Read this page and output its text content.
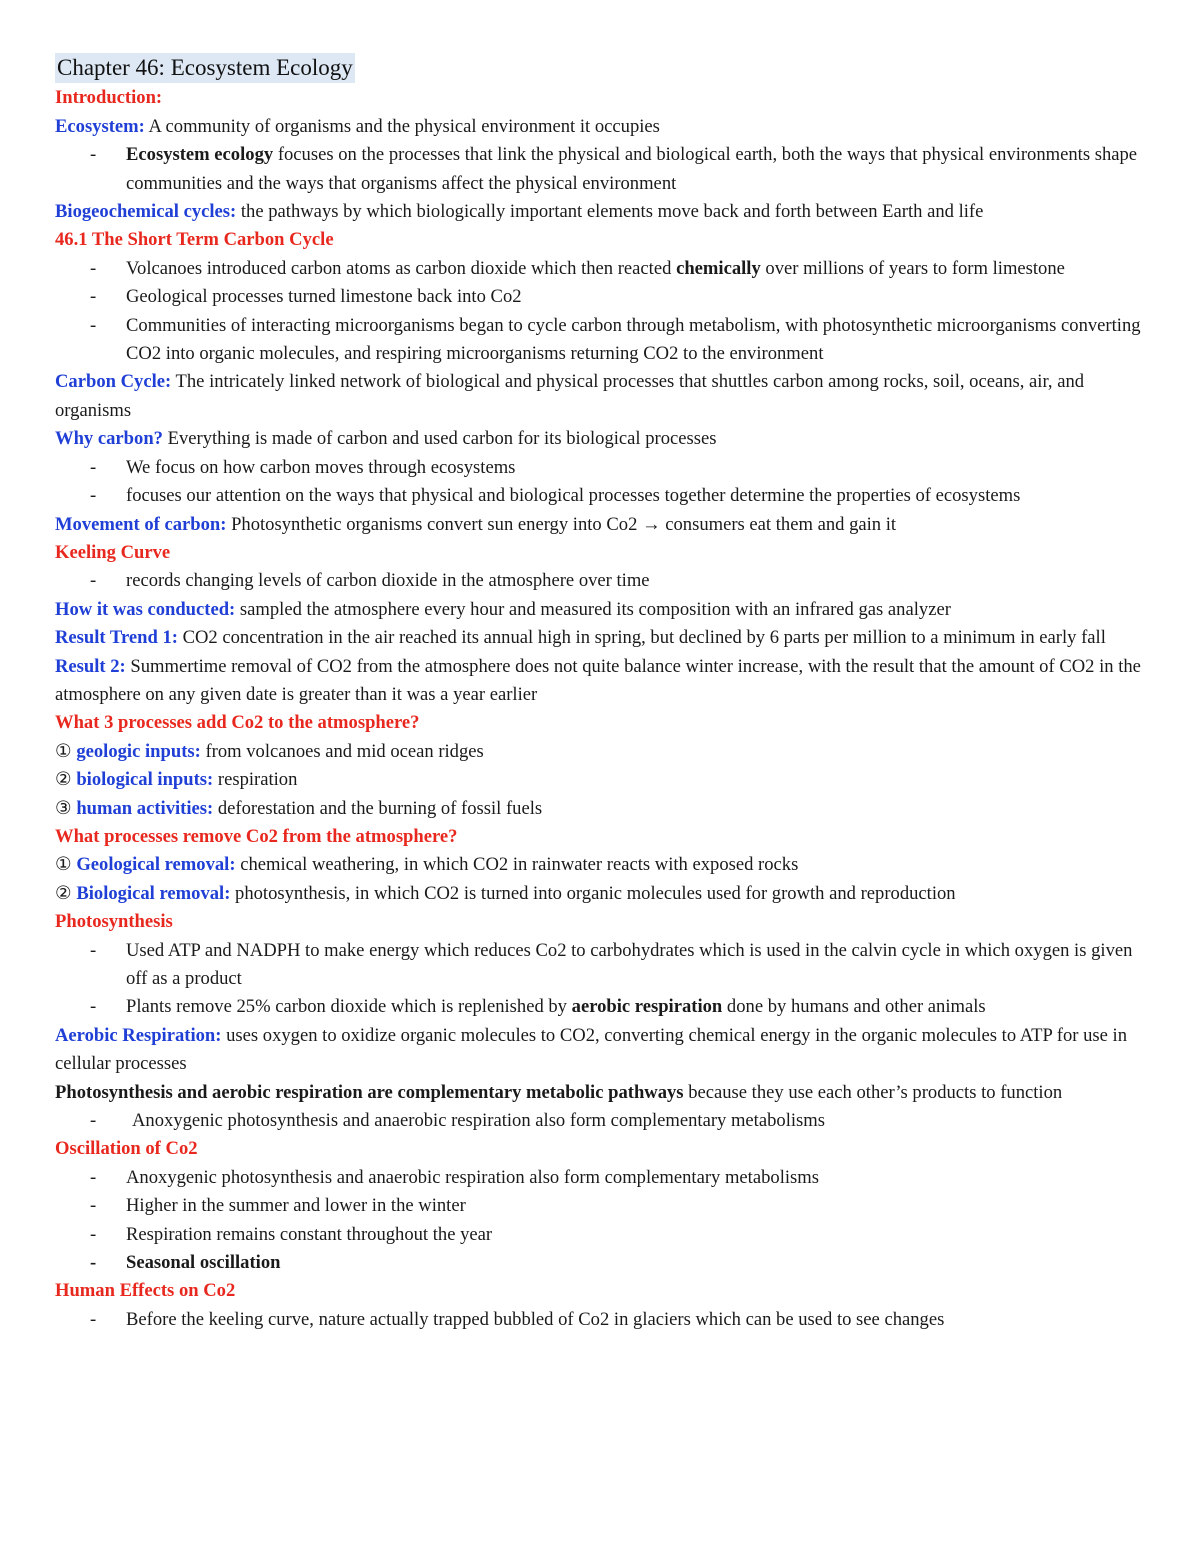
Chapter 46: Ecosystem Ecology

Introduction:

Ecosystem: A community of organisms and the physical environment it occupies

- Ecosystem ecology focuses on the processes that link the physical and biological earth, both the ways that physical environments shape communities and the ways that organisms affect the physical environment

Biogeochemical cycles: the pathways by which biologically important elements move back and forth between Earth and life

46.1 The Short Term Carbon Cycle

- Volcanoes introduced carbon atoms as carbon dioxide which then reacted chemically over millions of years to form limestone

- Geological processes turned limestone back into Co2

- Communities of interacting microorganisms began to cycle carbon through metabolism, with photosynthetic microorganisms converting CO2 into organic molecules, and respiring microorganisms returning CO2 to the environment

Carbon Cycle: The intricately linked network of biological and physical processes that shuttles carbon among rocks, soil, oceans, air, and organisms

Why carbon? Everything is made of carbon and used carbon for its biological processes

- We focus on how carbon moves through ecosystems

- focuses our attention on the ways that physical and biological processes together determine the properties of ecosystems

Movement of carbon: Photosynthetic organisms convert sun energy into Co2 → consumers eat them and gain it

Keeling Curve

- records changing levels of carbon dioxide in the atmosphere over time

How it was conducted: sampled the atmosphere every hour and measured its composition with an infrared gas analyzer

Result Trend 1: CO2 concentration in the air reached its annual high in spring, but declined by 6 parts per million to a minimum in early fall

Result 2: Summertime removal of CO2 from the atmosphere does not quite balance winter increase, with the result that the amount of CO2 in the atmosphere on any given date is greater than it was a year earlier

What 3 processes add Co2 to the atmosphere?

① geologic inputs: from volcanoes and mid ocean ridges

② biological inputs: respiration

③ human activities: deforestation and the burning of fossil fuels

What processes remove Co2 from the atmosphere?

① Geological removal: chemical weathering, in which CO2 in rainwater reacts with exposed rocks

② Biological removal: photosynthesis, in which CO2 is turned into organic molecules used for growth and reproduction

Photosynthesis

- Used ATP and NADPH to make energy which reduces Co2 to carbohydrates which is used in the calvin cycle in which oxygen is given off as a product

- Plants remove 25% carbon dioxide which is replenished by aerobic respiration done by humans and other animals

Aerobic Respiration: uses oxygen to oxidize organic molecules to CO2, converting chemical energy in the organic molecules to ATP for use in cellular processes

Photosynthesis and aerobic respiration are complementary metabolic pathways because they use each other’s products to function

- Anoxygenic photosynthesis and anaerobic respiration also form complementary metabolisms

Oscillation of Co2

- Anoxygenic photosynthesis and anaerobic respiration also form complementary metabolisms

- Higher in the summer and lower in the winter

- Respiration remains constant throughout the year

- Seasonal oscillation

Human Effects on Co2

- Before the keeling curve, nature actually trapped bubbled of Co2 in glaciers which can be used to see changes
